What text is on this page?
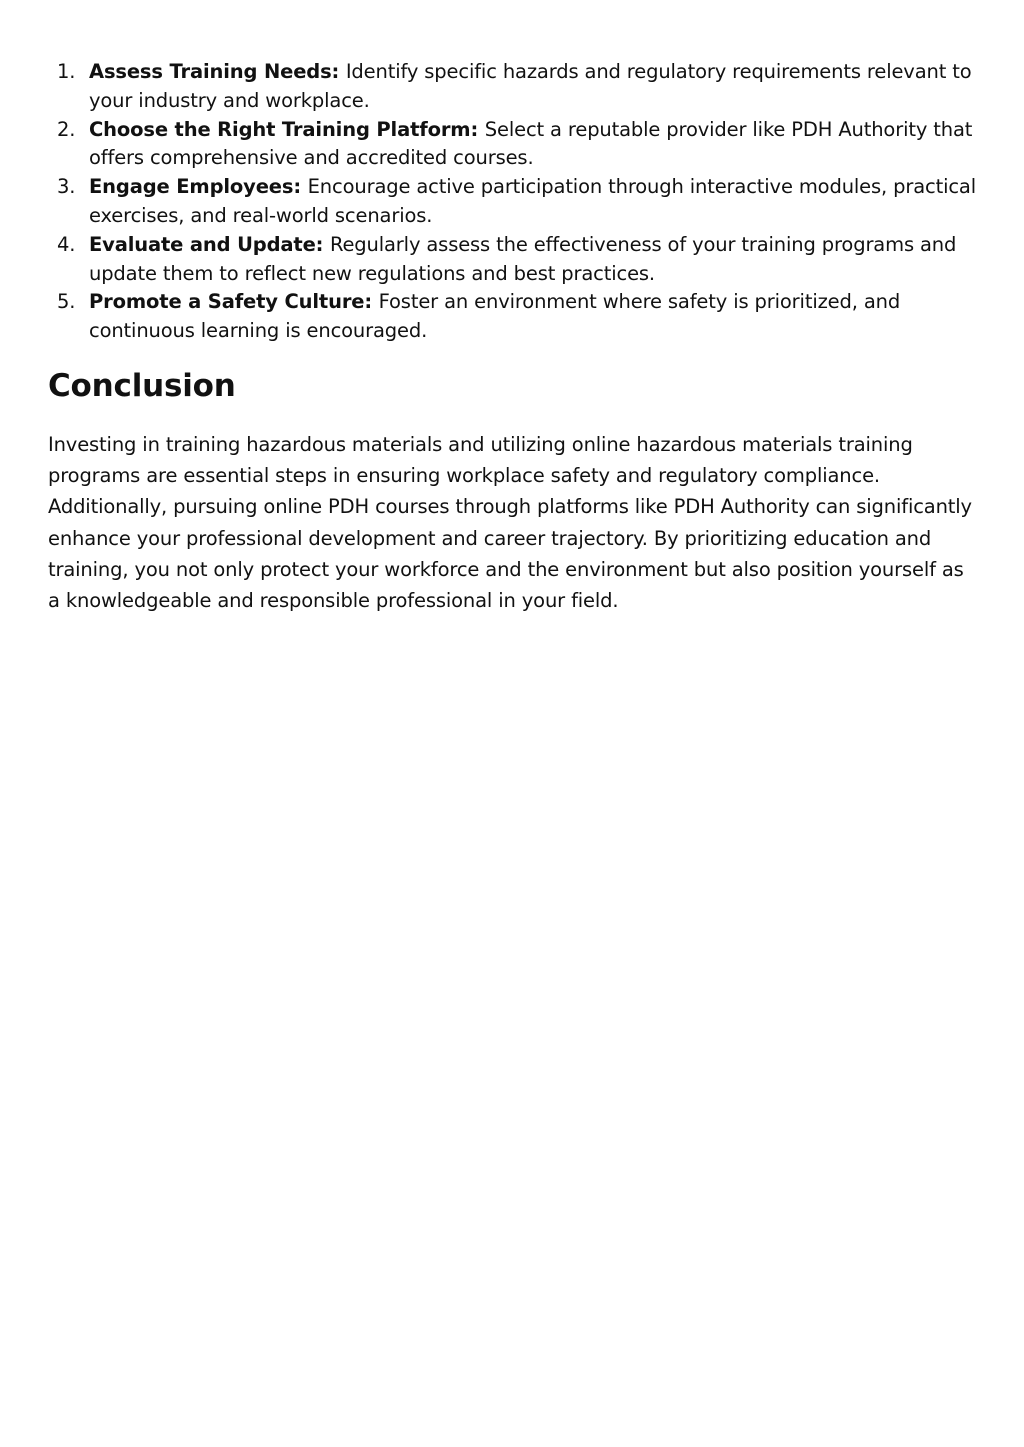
1. Assess Training Needs: Identify specific hazards and regulatory requirements relevant to your industry and workplace.
2. Choose the Right Training Platform: Select a reputable provider like PDH Authority that offers comprehensive and accredited courses.
3. Engage Employees: Encourage active participation through interactive modules, practical exercises, and real-world scenarios.
4. Evaluate and Update: Regularly assess the effectiveness of your training programs and update them to reflect new regulations and best practices.
5. Promote a Safety Culture: Foster an environment where safety is prioritized, and continuous learning is encouraged.
Conclusion

Investing in training hazardous materials and utilizing online hazardous materials training programs are essential steps in ensuring workplace safety and regulatory compliance. Additionally, pursuing online PDH courses through platforms like PDH Authority can significantly enhance your professional development and career trajectory. By prioritizing education and training, you not only protect your workforce and the environment but also position yourself as a knowledgeable and responsible professional in your field.
